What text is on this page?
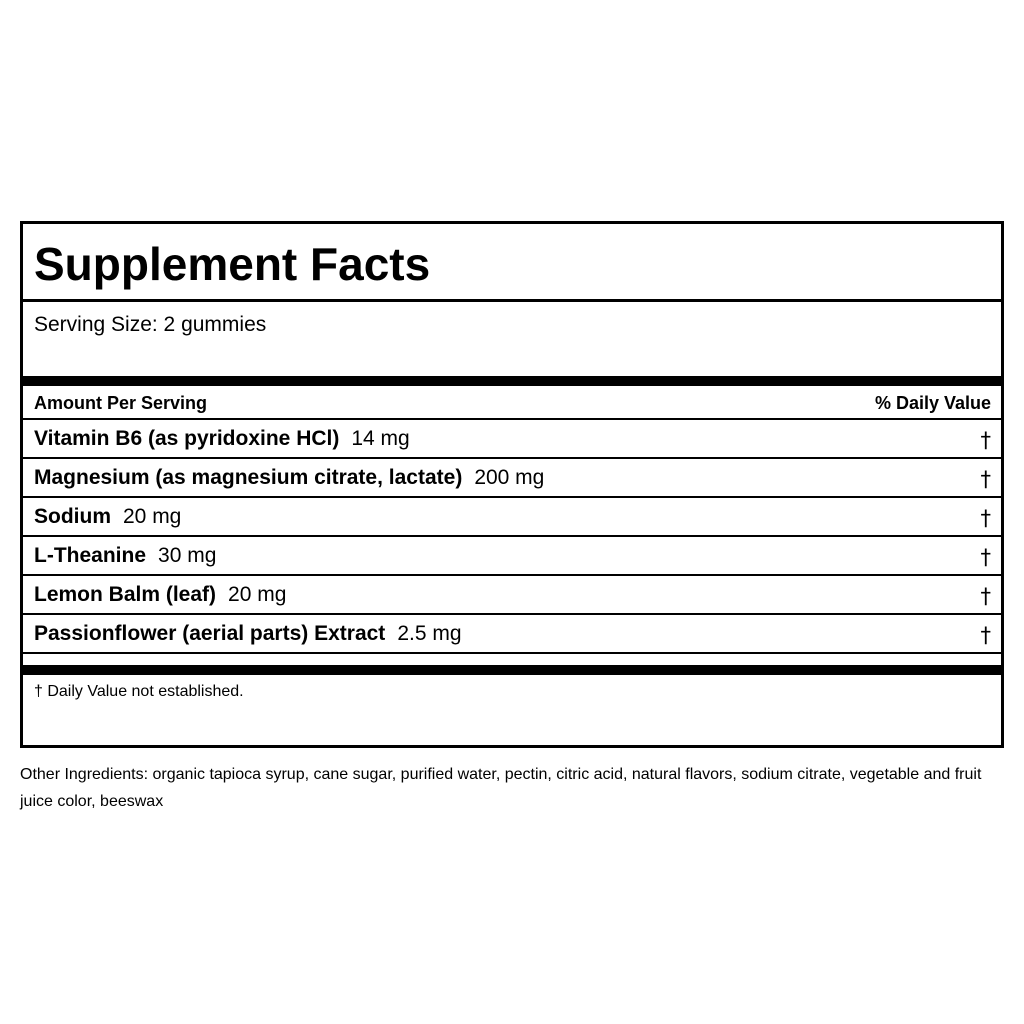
Supplement Facts
Serving Size: 2 gummies
Amount Per Serving	% Daily Value
Vitamin B6 (as pyridoxine HCl) 14 mg	†
Magnesium (as magnesium citrate, lactate) 200 mg	†
Sodium 20 mg	†
L-Theanine 30 mg	†
Lemon Balm (leaf) 20 mg	†
Passionflower (aerial parts) Extract 2.5 mg	†
† Daily Value not established.
Other Ingredients: organic tapioca syrup, cane sugar, purified water, pectin, citric acid, natural flavors, sodium citrate, vegetable and fruit juice color, beeswax
